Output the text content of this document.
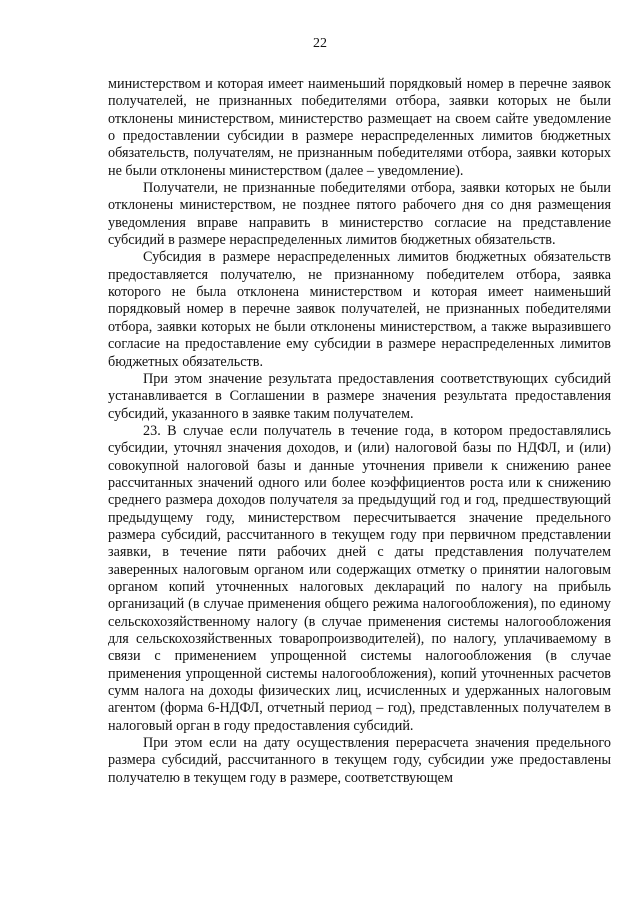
22

министерством и которая имеет наименьший порядковый номер в перечне заявок получателей, не признанных победителями отбора, заявки которых не были отклонены министерством, министерство размещает на своем сайте уведомление о предоставлении субсидии в размере нераспределенных лимитов бюджетных обязательств, получателям, не признанным победителями отбора, заявки которых не были отклонены министерством (далее – уведомление).

Получатели, не признанные победителями отбора, заявки которых не были отклонены министерством, не позднее пятого рабочего дня со дня размещения уведомления вправе направить в министерство согласие на представление субсидий в размере нераспределенных лимитов бюджетных обязательств.

Субсидия в размере нераспределенных лимитов бюджетных обязательств предоставляется получателю, не признанному победителем отбора, заявка которого не была отклонена министерством и которая имеет наименьший порядковый номер в перечне заявок получателей, не признанных победителями отбора, заявки которых не были отклонены министерством, а также выразившего согласие на предоставление ему субсидии в размере нераспределенных лимитов бюджетных обязательств.

При этом значение результата предоставления соответствующих субсидий устанавливается в Соглашении в размере значения результата предоставления субсидий, указанного в заявке таким получателем.

23. В случае если получатель в течение года, в котором предоставлялись субсидии, уточнял значения доходов, и (или) налоговой базы по НДФЛ, и (или) совокупной налоговой базы и данные уточнения привели к снижению ранее рассчитанных значений одного или более коэффициентов роста или к снижению среднего размера доходов получателя за предыдущий год и год, предшествующий предыдущему году, министерством пересчитывается значение предельного размера субсидий, рассчитанного в текущем году при первичном представлении заявки, в течение пяти рабочих дней с даты представления получателем заверенных налоговым органом или содержащих отметку о принятии налоговым органом копий уточненных налоговых деклараций по налогу на прибыль организаций (в случае применения общего режима налогообложения), по единому сельскохозяйственному налогу (в случае применения системы налогообложения для сельскохозяйственных товаропроизводителей), по налогу, уплачиваемому в связи с применением упрощенной системы налогообложения (в случае применения упрощенной системы налогообложения), копий уточненных расчетов сумм налога на доходы физических лиц, исчисленных и удержанных налоговым агентом (форма 6-НДФЛ, отчетный период – год), представленных получателем в налоговый орган в году предоставления субсидий.

При этом если на дату осуществления перерасчета значения предельного размера субсидий, рассчитанного в текущем году, субсидии уже предоставлены получателю в текущем году в размере, соответствующем
